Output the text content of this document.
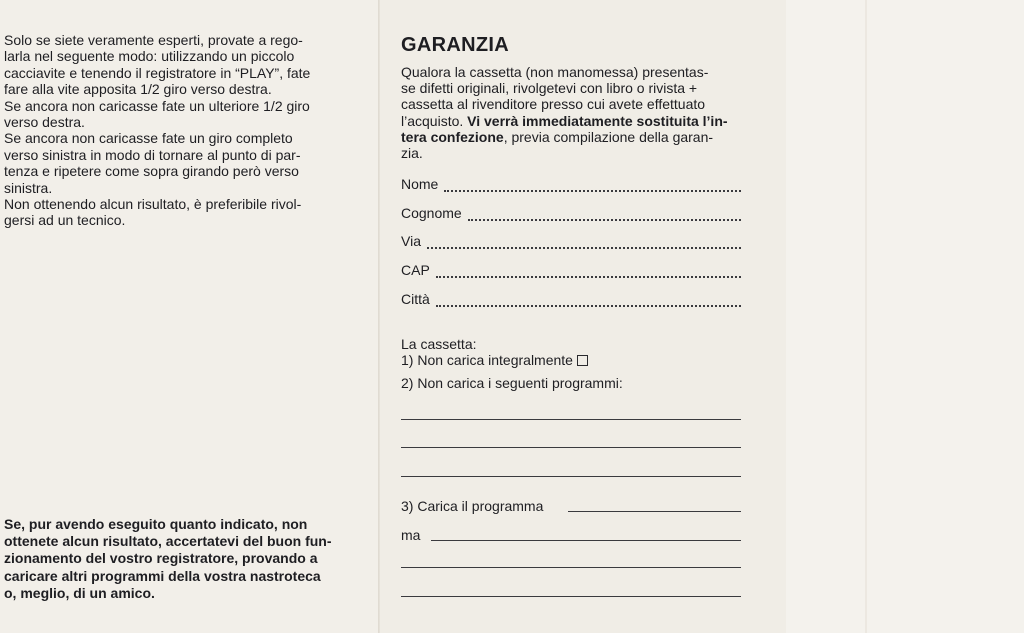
Solo se siete veramente esperti, provate a rego-
larla nel seguente modo: utilizzando un piccolo
cacciavite e tenendo il registratore in “PLAY”, fate
fare alla vite apposita 1/2 giro verso destra.
Se ancora non caricasse fate un ulteriore 1/2 giro
verso destra.
Se ancora non caricasse fate un giro completo
verso sinistra in modo di tornare al punto di par-
tenza e ripetere come sopra girando però verso
sinistra.
Non ottenendo alcun risultato, è preferibile rivol-
gersi ad un tecnico.

Se, pur avendo eseguito quanto indicato, non
ottenete alcun risultato, accertatevi del buon fun-
zionamento del vostro registratore, provando a
caricare altri programmi della vostra nastroteca
o, meglio, di un amico.

GARANZIA

Qualora la cassetta (non manomessa) presentas-
se difetti originali, rivolgetevi con libro o rivista +
cassetta al rivenditore presso cui avete effettuato
l’acquisto. Vi verrà immediatamente sostituita l’in-
tera confezione, previa compilazione della garan-
zia.

Nome
Cognome
Via
CAP
Città

La cassetta:

1) Non carica integralmente

2) Non carica i seguenti programmi:

3) Carica il programma

ma
